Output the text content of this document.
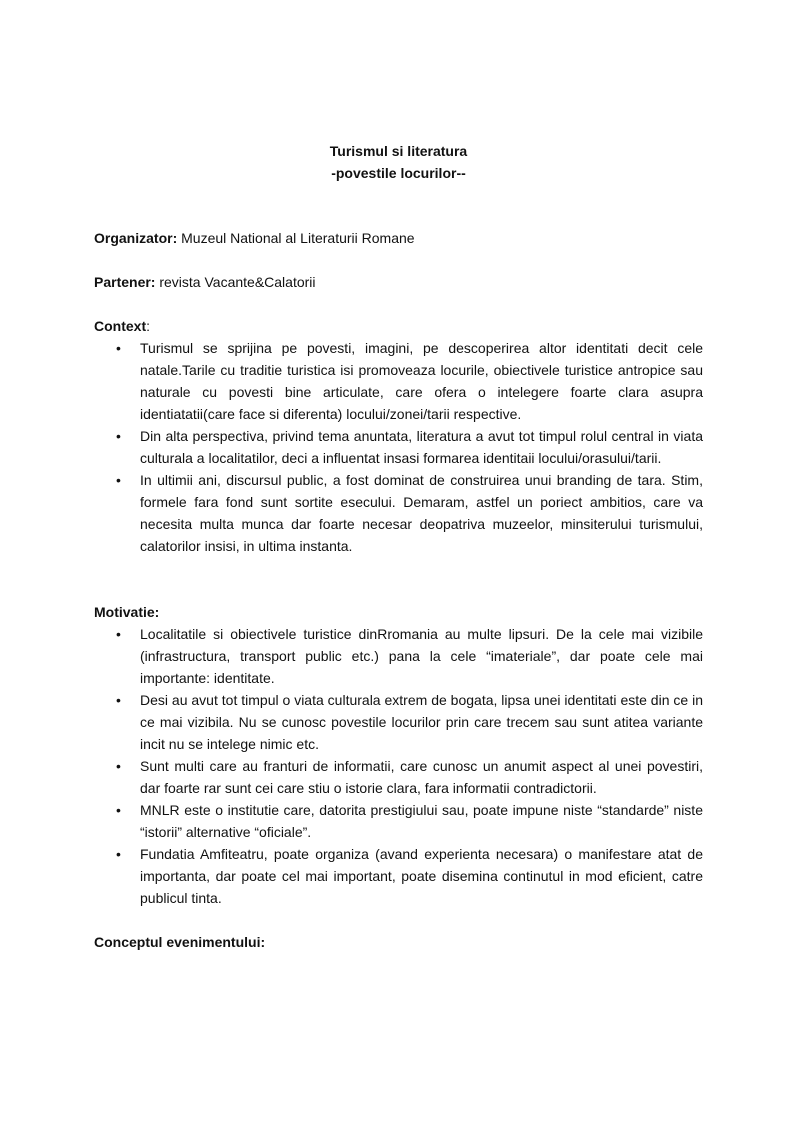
Turismul si literatura
-povestile locurilor--
Organizator: Muzeul National al Literaturii Romane
Partener: revista Vacante&Calatorii
Context:
• Turismul se sprijina pe povesti, imagini, pe descoperirea altor identitati decit cele natale.Tarile cu traditie turistica isi promoveaza locurile, obiectivele turistice antropice sau naturale cu povesti bine articulate, care ofera o intelegere foarte clara asupra identiatatii(care face si diferenta) locului/zonei/tarii respective.
• Din alta perspectiva, privind tema anuntata, literatura a avut tot timpul rolul central in viata culturala a localitatilor, deci a influentat insasi formarea identitaii locului/orasului/tarii.
• In ultimii ani, discursul public, a fost dominat de construirea unui branding de tara. Stim, formele fara fond sunt sortite esecului. Demaram, astfel un poriect ambitios, care va necesita multa munca dar foarte necesar deopatriva muzeelor, minsiterului turismului, calatorilor insisi, in ultima instanta.
Motivatie:
• Localitatile si obiectivele turistice dinRromania au multe lipsuri. De la cele mai vizibile (infrastructura, transport public etc.) pana la cele “imateriale”, dar poate cele mai importante: identitate.
• Desi au avut tot timpul o viata culturala extrem de bogata, lipsa unei identitati este din ce in ce mai vizibila. Nu se cunosc povestile locurilor prin care trecem sau sunt atitea variante incit nu se intelege nimic etc.
• Sunt multi care au franturi de informatii, care cunosc un anumit aspect al unei povestiri, dar foarte rar sunt cei care stiu o istorie clara, fara informatii contradictorii.
• MNLR este o institutie care, datorita prestigiului sau, poate impune niste “standarde” niste “istorii” alternative “oficiale”.
• Fundatia Amfiteatru, poate organiza (avand experienta necesara) o manifestare atat de importanta, dar poate cel mai important, poate disemina continutul in mod eficient, catre publicul tinta.
Conceptul evenimentului:
